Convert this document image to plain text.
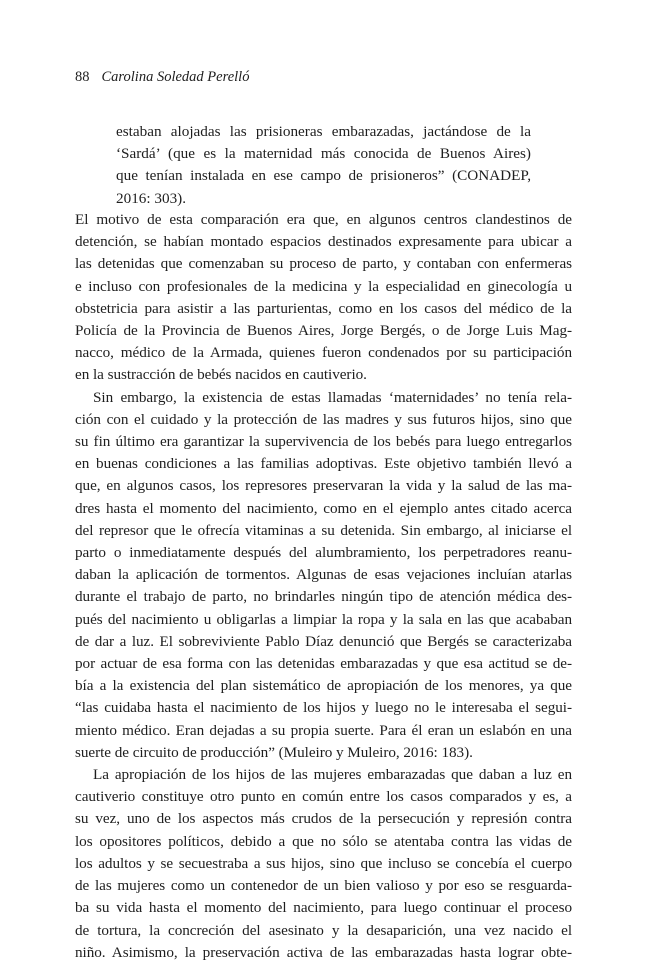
88 Carolina Soledad Perelló
estaban alojadas las prisioneras embarazadas, jactándose de la
‘Sardá’ (que es la maternidad más conocida de Buenos Aires)
que tenían instalada en ese campo de prisioneros” (CONADEP,
2016: 303).

El motivo de esta comparación era que, en algunos centros clandestinos de
detención, se habían montado espacios destinados expresamente para ubicar a
las detenidas que comenzaban su proceso de parto, y contaban con enfermeras
e incluso con profesionales de la medicina y la especialidad en ginecología u
obstetricia para asistir a las parturientas, como en los casos del médico de la
Policía de la Provincia de Buenos Aires, Jorge Bergés, o de Jorge Luis Mag-
nacco, médico de la Armada, quienes fueron condenados por su participación
en la sustracción de bebés nacidos en cautiverio.

Sin embargo, la existencia de estas llamadas ‘maternidades’ no tenía rela-
ción con el cuidado y la protección de las madres y sus futuros hijos, sino que
su fin último era garantizar la supervivencia de los bebés para luego entregarlos
en buenas condiciones a las familias adoptivas. Este objetivo también llevó a
que, en algunos casos, los represores preservaran la vida y la salud de las ma-
dres hasta el momento del nacimiento, como en el ejemplo antes citado acerca
del represor que le ofrecía vitaminas a su detenida. Sin embargo, al iniciarse el
parto o inmediatamente después del alumbramiento, los perpetradores reanu-
daban la aplicación de tormentos. Algunas de esas vejaciones incluían atarlas
durante el trabajo de parto, no brindarles ningún tipo de atención médica des-
pués del nacimiento u obligarlas a limpiar la ropa y la sala en las que acababan
de dar a luz. El sobreviviente Pablo Díaz denunció que Bergés se caracterizaba
por actuar de esa forma con las detenidas embarazadas y que esa actitud se de-
bía a la existencia del plan sistemático de apropiación de los menores, ya que
“las cuidaba hasta el nacimiento de los hijos y luego no le interesaba el segui-
miento médico. Eran dejadas a su propia suerte. Para él eran un eslabón en una
suerte de circuito de producción” (Muleiro y Muleiro, 2016: 183).

La apropiación de los hijos de las mujeres embarazadas que daban a luz en
cautiverio constituye otro punto en común entre los casos comparados y es, a
su vez, uno de los aspectos más crudos de la persecución y represión contra
los opositores políticos, debido a que no sólo se atentaba contra las vidas de
los adultos y se secuestraba a sus hijos, sino que incluso se concebía el cuerpo
de las mujeres como un contenedor de un bien valioso y por eso se resguarda-
ba su vida hasta el momento del nacimiento, para luego continuar el proceso
de tortura, la concreción del asesinato y la desaparición, una vez nacido el
niño. Asimismo, la preservación activa de las embarazadas hasta lograr obte-
